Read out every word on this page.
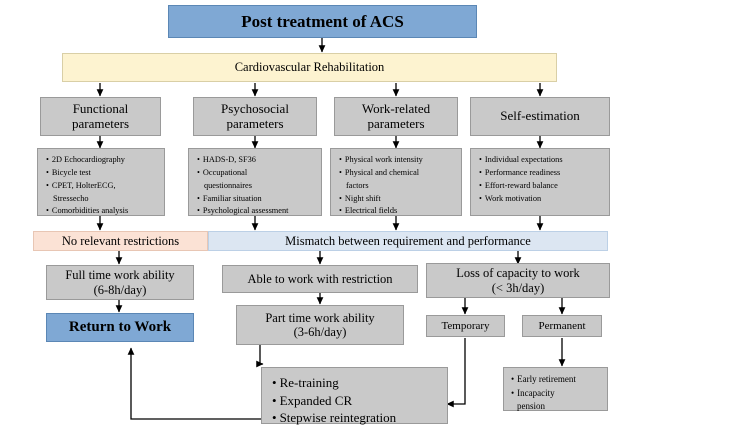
Post treatment of ACS
Cardiovascular Rehabilitation
Functional
parameters
Psychosocial
parameters
Work-related
parameters	Self-estimation
• 2D Echocardiography
• Bicycle test
• CPET, HolterECG,
Stressecho
• Comorbidities analysis
• HADS-D, SF36
• Occupational
questionnaires
• Familiar situation
• Psychological assessment
• Physical work intensity
• Physical and chemical
factors
• Night shift
• Electrical fields
• Individual expectations
• Performance readiness
• Effort-reward balance
• Work motivation
No relevant restrictions	Mismatch between requirement and performance
Full time work ability
(6-8h/day)
Return to Work
Able to work with restriction
Part time work ability
(3-6h/day)
Loss of capacity to work
(< 3h/day)
Temporary	Permanent
• Early retirement
• Incapacity
pension
• Re-training
• Expanded CR
• Stepwise reintegration
